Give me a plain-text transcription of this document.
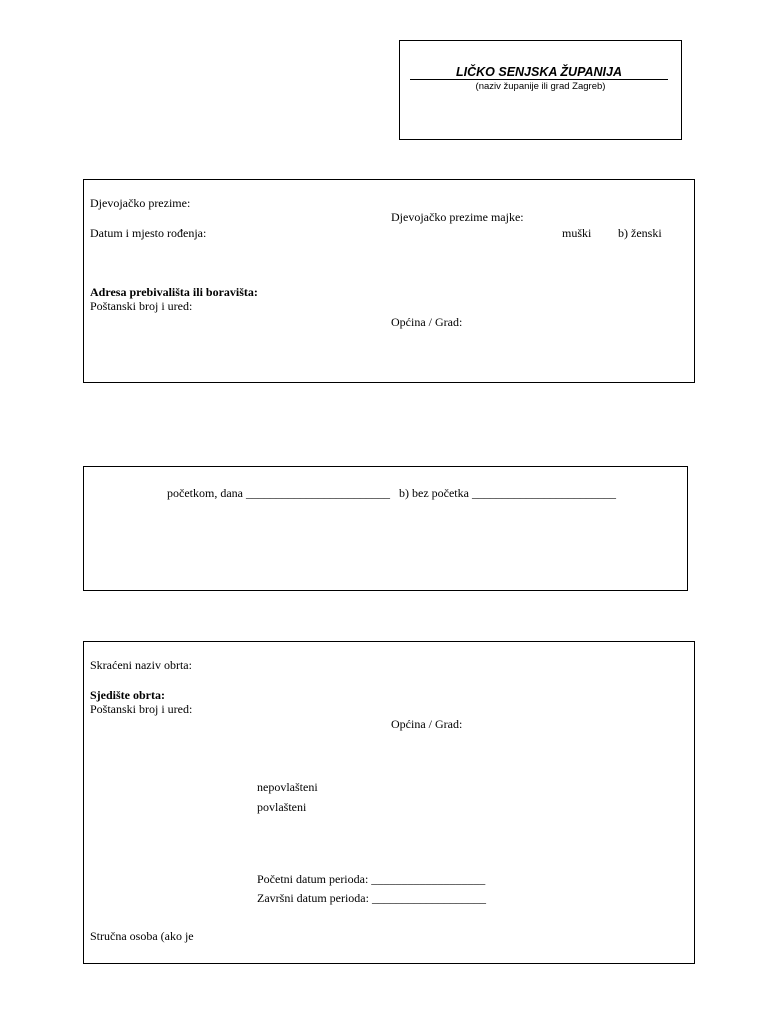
LIČKO SENJSKA ŽUPANIJA
(naziv županije ili grad Zagreb)
Djevojačko prezime:
Djevojačko prezime majke:
Datum i mjesto rođenja:	muški b) ženski
Adresa prebivališta ili boravišta:
Poštanski broj i ured:
Općina / Grad:
početkom, dana ________________________ b) bez početka ________________________
Skraćeni naziv obrta:
Sjedište obrta:
Poštanski broj i ured:
Općina / Grad:
nepovlašteni
povlašteni
Početni datum perioda: ___________________
Završni datum perioda: ___________________
Stručna osoba (ako je
